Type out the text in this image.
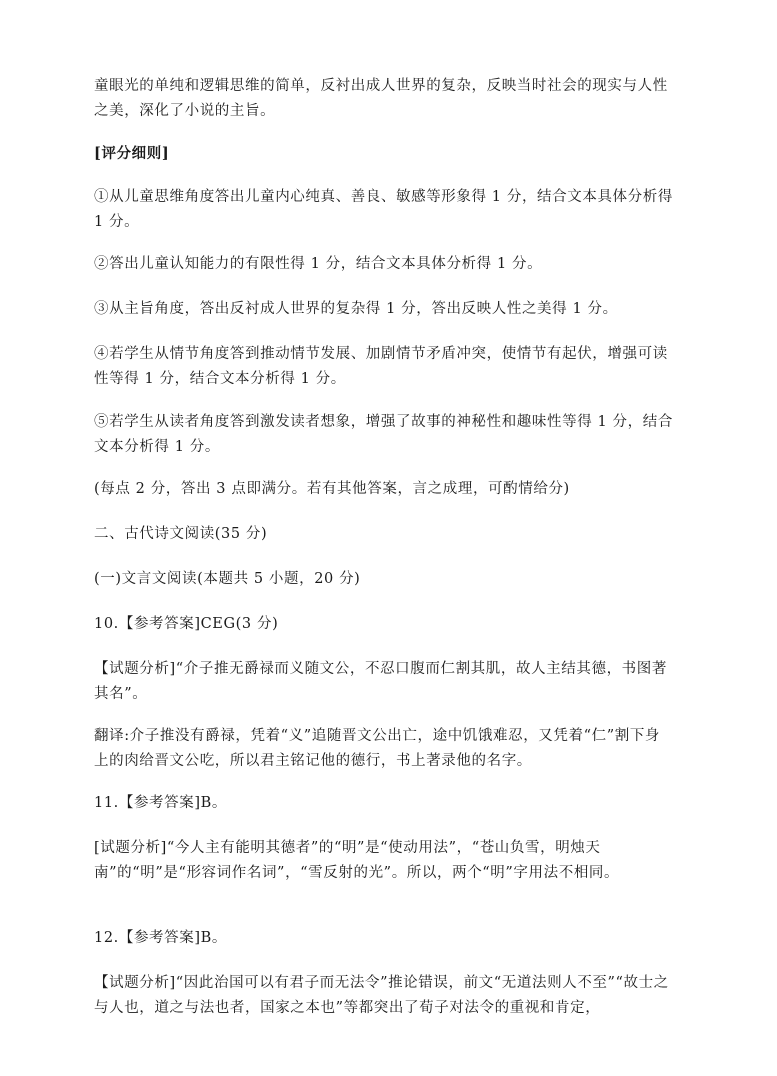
童眼光的单纯和逻辑思维的简单，反衬出成人世界的复杂，反映当时社会的现实与人性之美，深化了小说的主旨。
[评分细则]
①从儿童思维角度答出儿童内心纯真、善良、敏感等形象得 1 分，结合文本具体分析得 1 分。
②答出儿童认知能力的有限性得 1 分，结合文本具体分析得 1 分。
③从主旨角度，答出反衬成人世界的复杂得 1 分，答出反映人性之美得 1 分。
④若学生从情节角度答到推动情节发展、加剧情节矛盾冲突，使情节有起伏，增强可读性等得 1 分，结合文本分析得 1 分。
⑤若学生从读者角度答到激发读者想象，增强了故事的神秘性和趣味性等得 1 分，结合文本分析得 1 分。
(每点 2 分，答出 3 点即满分。若有其他答案，言之成理，可酌情给分)
二、古代诗文阅读(35 分)
(一)文言文阅读(本题共 5 小题，20 分)
10.【参考答案]CEG(3 分)
【试题分析]“介子推无爵禄而义随文公，不忍口腹而仁割其肌，故人主结其德，书图著其名”。
翻译:介子推没有爵禄，凭着“义”追随晋文公出亡，途中饥饿难忍，又凭着“仁”割下身上的肉给晋文公吃，所以君主铭记他的德行，书上著录他的名字。
11.【参考答案]B。
[试题分析]“今人主有能明其德者”的“明”是“使动用法”，“苍山负雪，明烛天南”的“明”是“形容词作名词”，“雪反射的光”。所以，两个“明”字用法不相同。
12.【参考答案]B。
【试题分析]“因此治国可以有君子而无法令”推论错误，前文“无道法则人不至”“故士之与人也，道之与法也者，国家之本也”等都突出了荀子对法令的重视和肯定，
